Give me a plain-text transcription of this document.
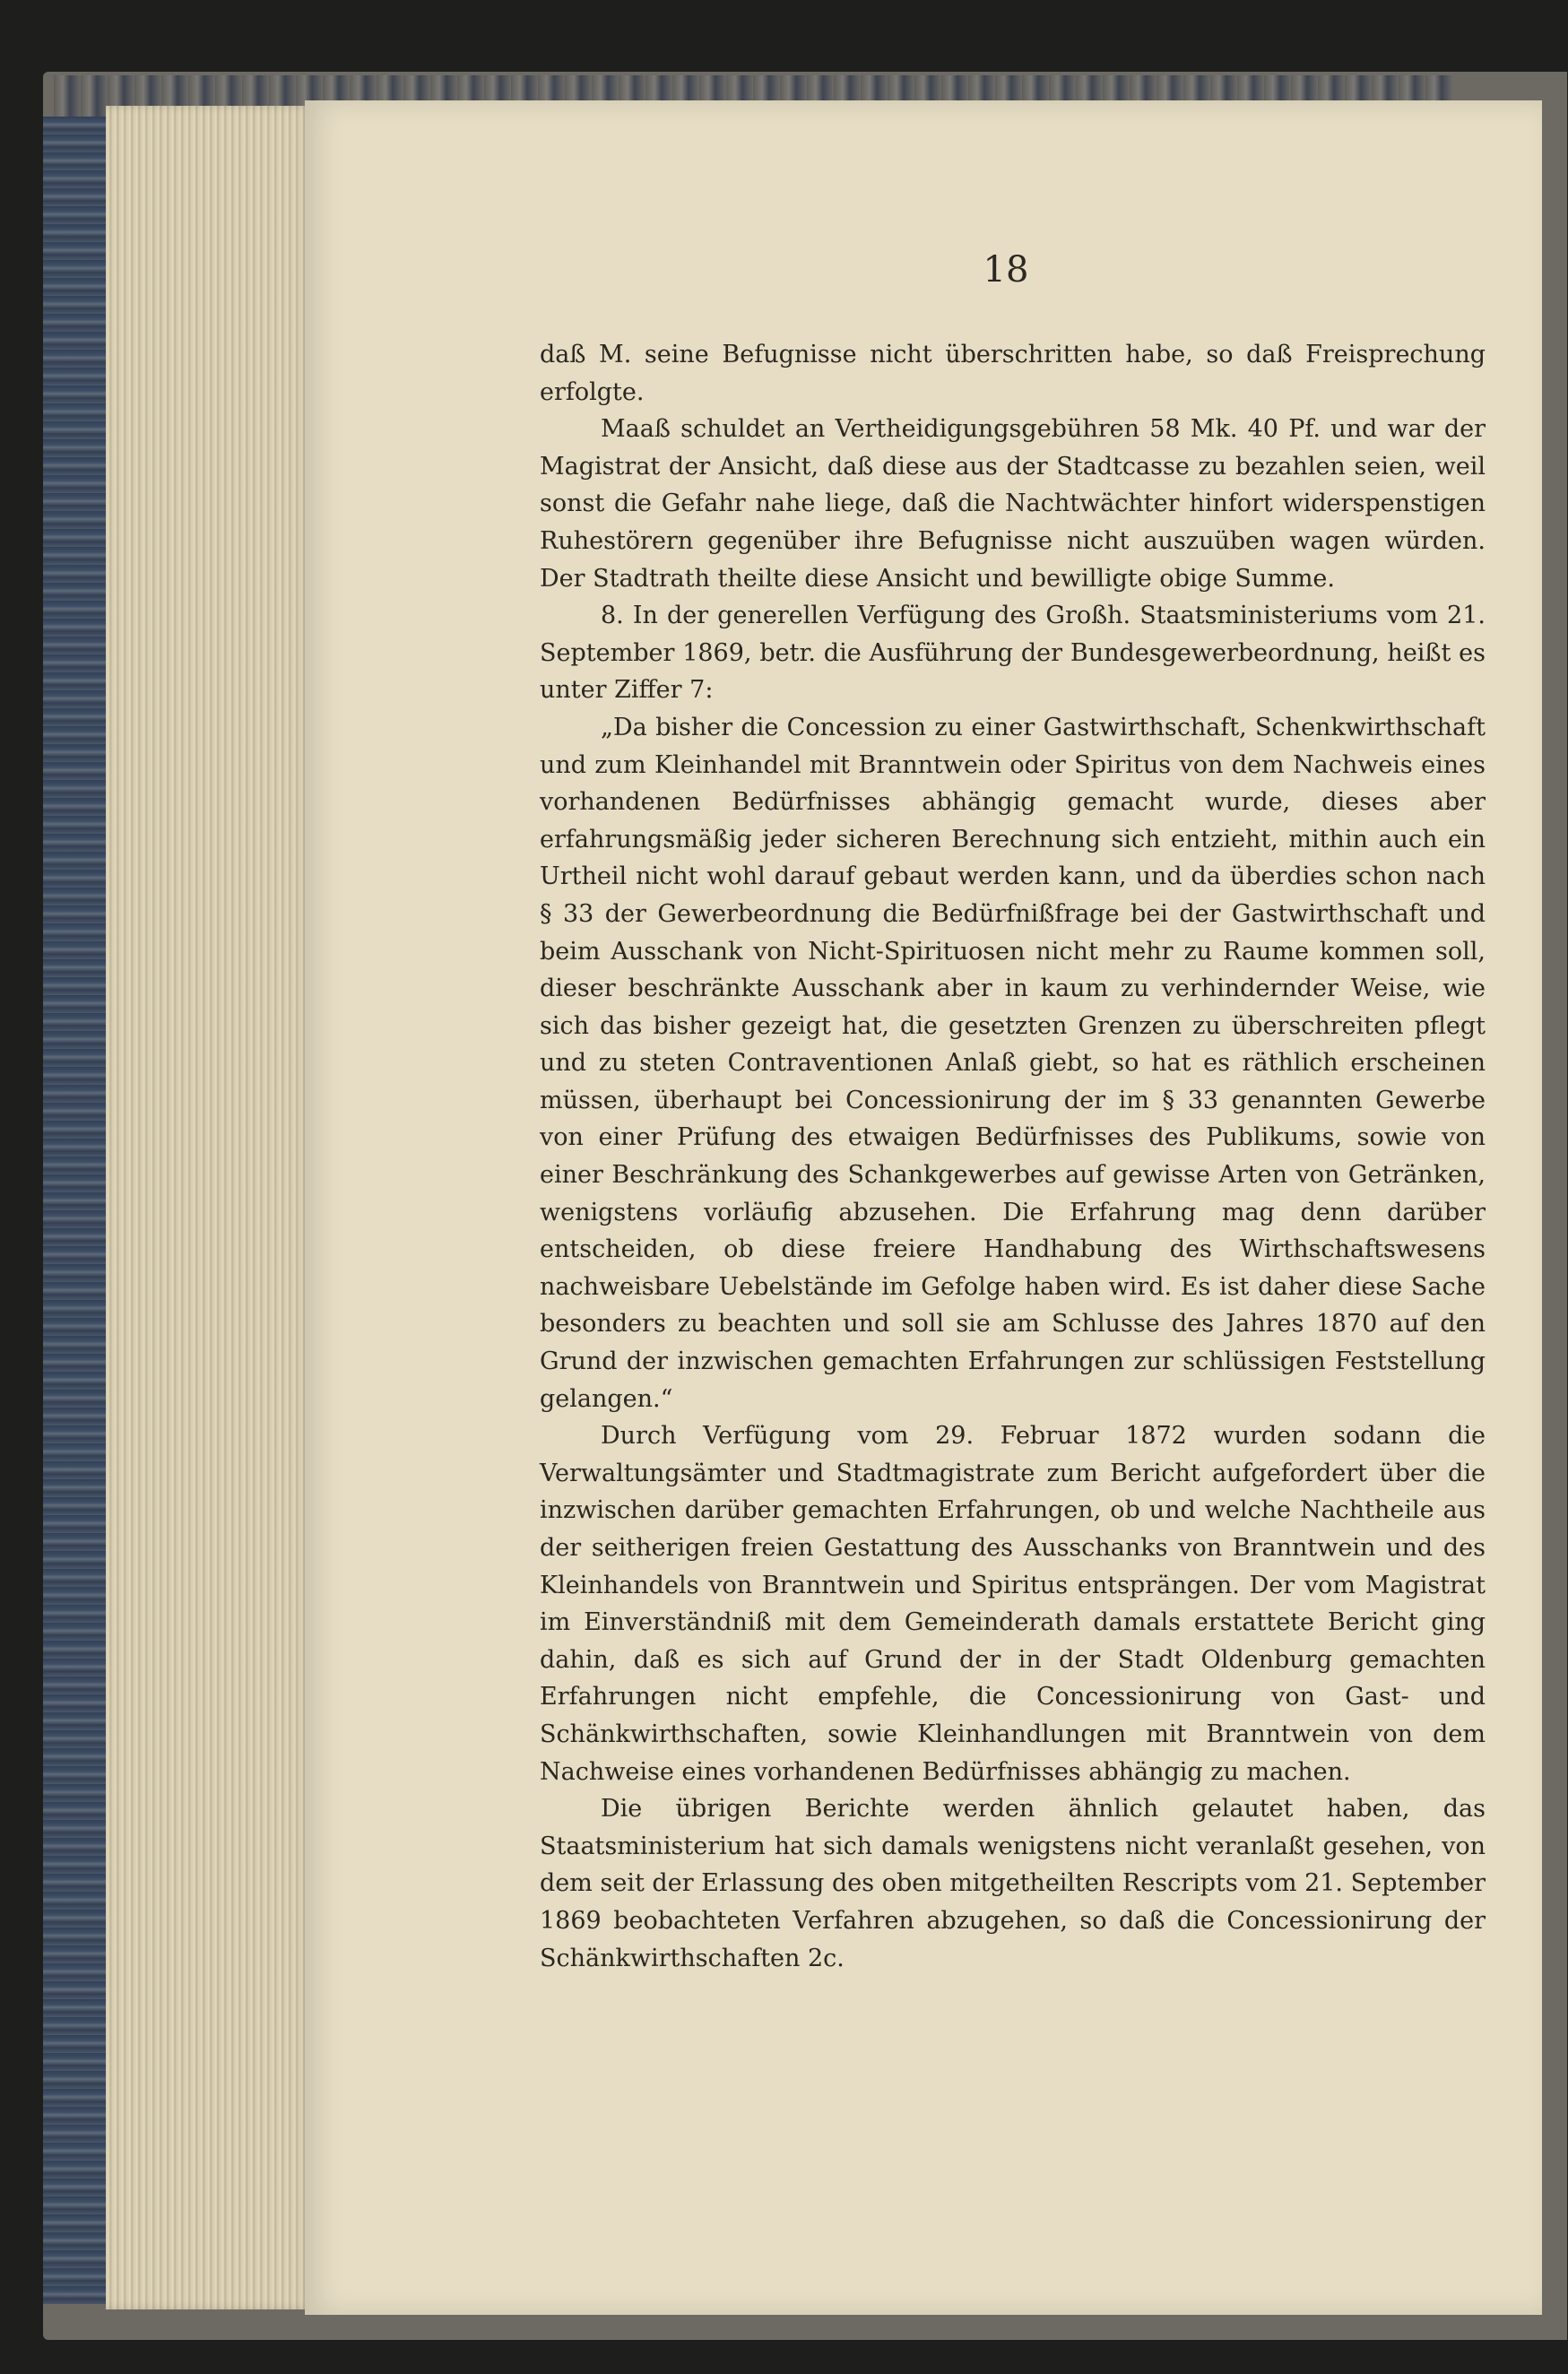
18

daß M. seine Befugnisse nicht überschritten habe, so daß Freisprechung erfolgte.

Maaß schuldet an Vertheidigungsgebühren 58 Mk. 40 Pf. und war der Magistrat der Ansicht, daß diese aus der Stadtcasse zu bezahlen seien, weil sonst die Gefahr nahe liege, daß die Nachtwächter hinfort widerspenstigen Ruhestörern gegenüber ihre Befugnisse nicht auszuüben wagen würden. Der Stadtrath theilte diese Ansicht und bewilligte obige Summe.

8. In der generellen Verfügung des Großh. Staatsministeriums vom 21. September 1869, betr. die Ausführung der Bundesgewerbeordnung, heißt es unter Ziffer 7:

„Da bisher die Concession zu einer Gastwirthschaft, Schenkwirthschaft und zum Kleinhandel mit Branntwein oder Spiritus von dem Nachweis eines vorhandenen Bedürfnisses abhängig gemacht wurde, dieses aber erfahrungsmäßig jeder sicheren Berechnung sich entzieht, mithin auch ein Urtheil nicht wohl darauf gebaut werden kann, und da überdies schon nach § 33 der Gewerbeordnung die Bedürfnißfrage bei der Gastwirthschaft und beim Ausschank von Nicht-Spirituosen nicht mehr zu Raume kommen soll, dieser beschränkte Ausschank aber in kaum zu verhindernder Weise, wie sich das bisher gezeigt hat, die gesetzten Grenzen zu überschreiten pflegt und zu steten Contraventionen Anlaß giebt, so hat es räthlich erscheinen müssen, überhaupt bei Concessionirung der im § 33 genannten Gewerbe von einer Prüfung des etwaigen Bedürfnisses des Publikums, sowie von einer Beschränkung des Schankgewerbes auf gewisse Arten von Getränken, wenigstens vorläufig abzusehen. Die Erfahrung mag denn darüber entscheiden, ob diese freiere Handhabung des Wirthschaftswesens nachweisbare Uebelstände im Gefolge haben wird. Es ist daher diese Sache besonders zu beachten und soll sie am Schlusse des Jahres 1870 auf den Grund der inzwischen gemachten Erfahrungen zur schlüssigen Feststellung gelangen.“

Durch Verfügung vom 29. Februar 1872 wurden sodann die Verwaltungsämter und Stadtmagistrate zum Bericht aufgefordert über die inzwischen darüber gemachten Erfahrungen, ob und welche Nachtheile aus der seitherigen freien Gestattung des Ausschanks von Branntwein und des Kleinhandels von Branntwein und Spiritus entsprängen. Der vom Magistrat im Einverständniß mit dem Gemeinderath damals erstattete Bericht ging dahin, daß es sich auf Grund der in der Stadt Oldenburg gemachten Erfahrungen nicht empfehle, die Concessionirung von Gast- und Schänkwirthschaften, sowie Kleinhandlungen mit Branntwein von dem Nachweise eines vorhandenen Bedürfnisses abhängig zu machen.

Die übrigen Berichte werden ähnlich gelautet haben, das Staatsministerium hat sich damals wenigstens nicht veranlaßt gesehen, von dem seit der Erlassung des oben mitgetheilten Rescripts vom 21. September 1869 beobachteten Verfahren abzugehen, so daß die Concessionirung der Schänkwirthschaften 2c.
